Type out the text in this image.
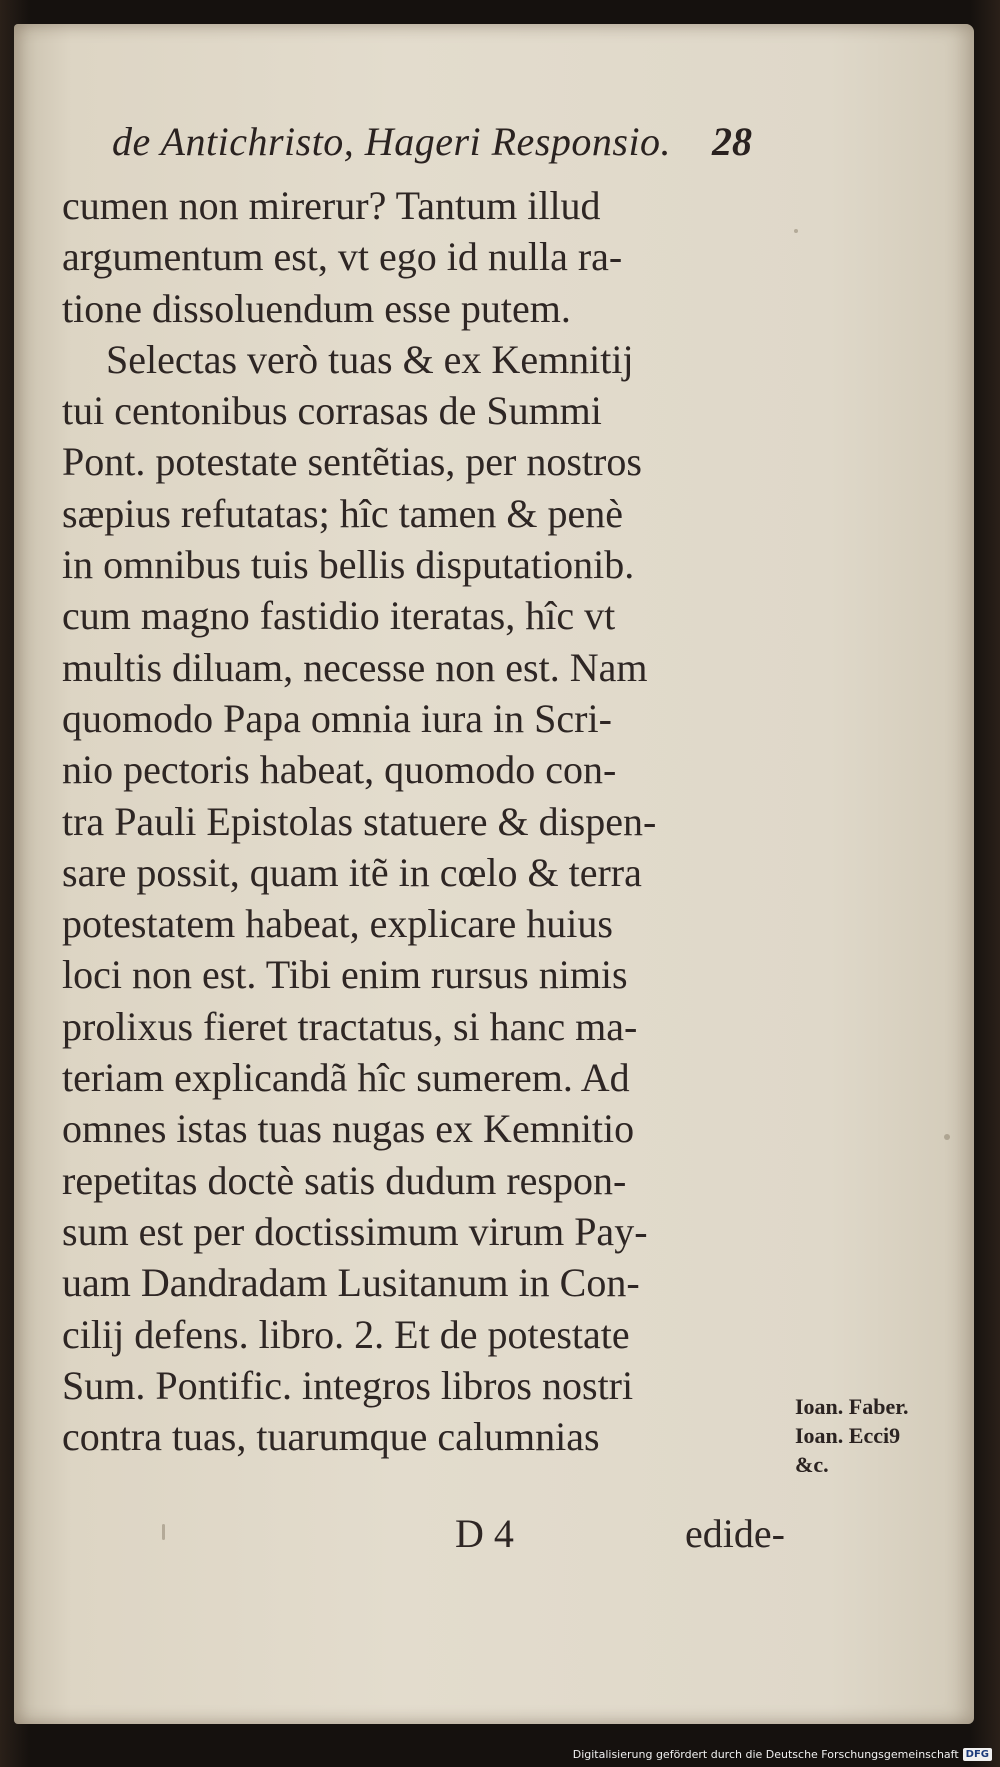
de Antichristo, Hageri Responsio. 28
cumen non mirerur? Tantum illud
argumentum est, vt ego id nulla ra-
tione dissoluendum esse putem.
Selectas verò tuas & ex Kemnitij
tui centonibus corrasas de Summi
Pont. potestate sentẽtias, per nostros
sæpius refutatas; hîc tamen & penè
in omnibus tuis bellis disputationib.
cum magno fastidio iteratas, hîc vt
multis diluam, necesse non est. Nam
quomodo Papa omnia iura in Scri-
nio pectoris habeat, quomodo con-
tra Pauli Epistolas statuere & dispen-
sare possit, quam itẽ in cœlo & terra
potestatem habeat, explicare huius
loci non est. Tibi enim rursus nimis
prolixus fieret tractatus, si hanc ma-
teriam explicandã hîc sumerem. Ad
omnes istas tuas nugas ex Kemnitio
repetitas doctè satis dudum respon-
sum est per doctissimum virum Pay-
uam Dandradam Lusitanum in Con-
cilij defens. libro. 2. Et de potestate
Sum. Pontific. integros libros nostri
contra tuas, tuarumque calumnias
Ioan. Faber.
Ioan. Ecci9
&c.
D 4	edide-
Digitalisierung gefördert durch die Deutsche Forschungsgemeinschaft DFG
